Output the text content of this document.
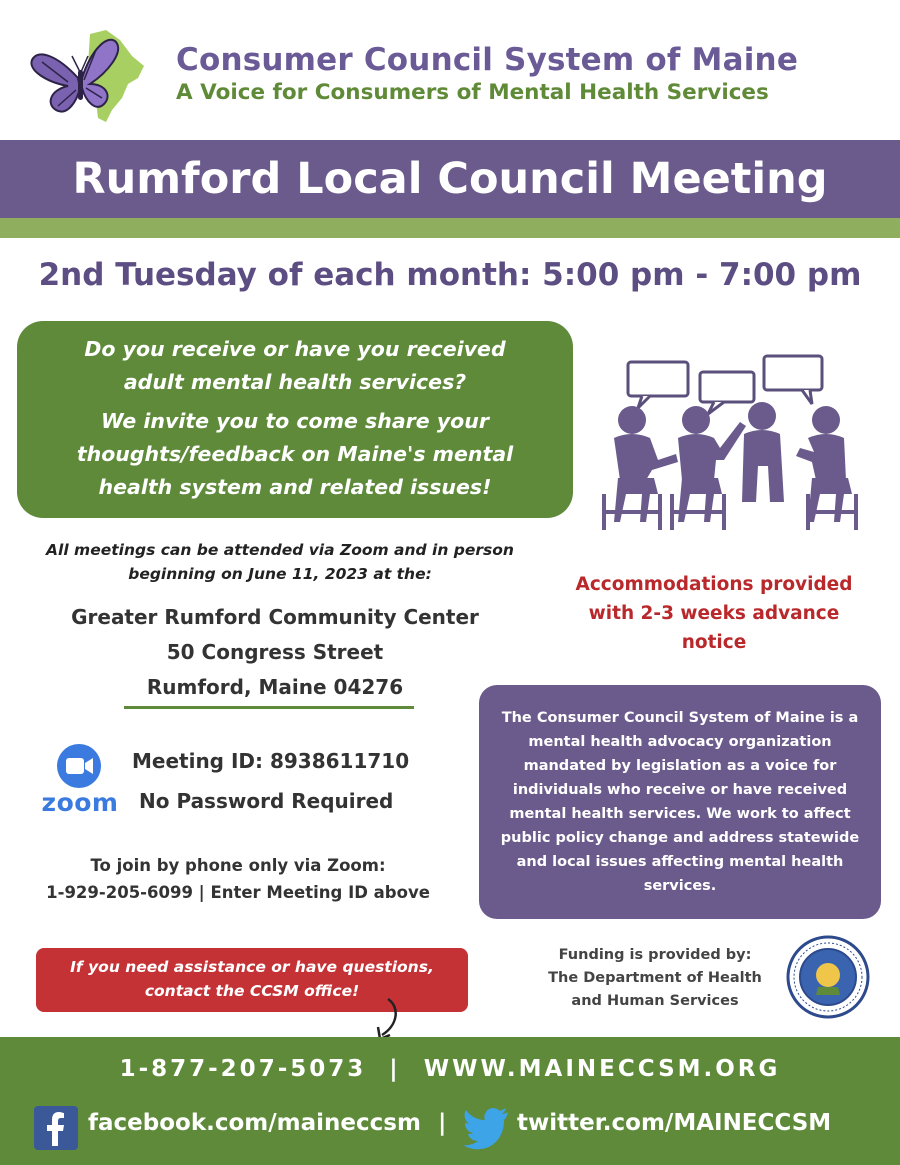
Consumer Council System of Maine
A Voice for Consumers of Mental Health Services
Rumford Local Council Meeting
2nd Tuesday of each month: 5:00 pm - 7:00 pm

Do you receive or have you received adult mental health services?

We invite you to come share your thoughts/feedback on Maine's mental health system and related issues!

All meetings can be attended via Zoom and in person beginning on June 11, 2023 at the:
Greater Rumford Community Center
50 Congress Street
Rumford, Maine 04276
zoom
Meeting ID: 8938611710
No Password Required
To join by phone only via Zoom:
1-929-205-6099 | Enter Meeting ID above
If you need assistance or have questions,
contact the CCSM office!
Accommodations provided with 2-3 weeks advance notice
The Consumer Council System of Maine is a mental health advocacy organization mandated by legislation as a voice for individuals who receive or have received mental health services. We work to affect public policy change and address statewide and local issues affecting mental health services.
Funding is provided by:
The Department of Health
and Human Services
1-877-207-5073 | WWW.MAINECCSM.ORG
facebook.com/maineccsm |	twitter.com/MAINECCSM
